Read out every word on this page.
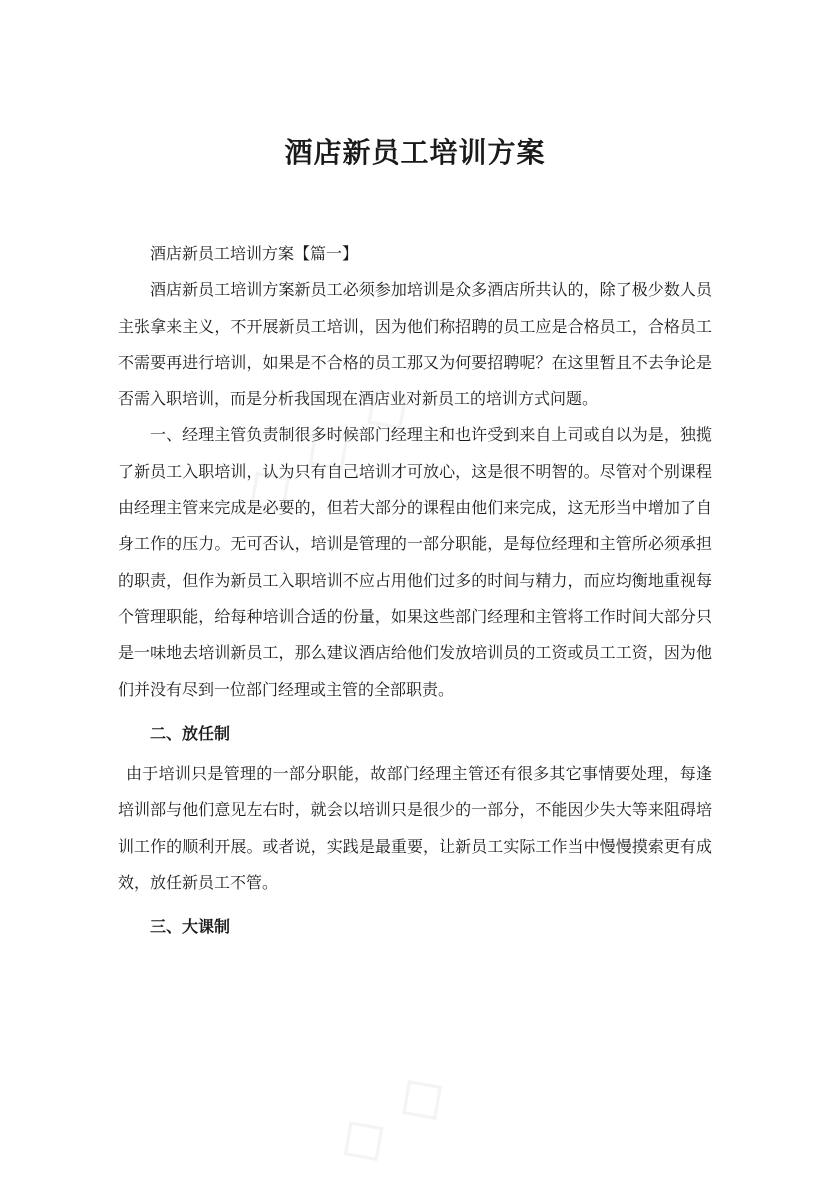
酒店新员工培训方案

酒店新员工培训方案【篇一】

酒店新员工培训方案新员工必须参加培训是众多酒店所共认的，除了极少数人员主张拿来主义，不开展新员工培训，因为他们称招聘的员工应是合格员工，合格员工不需要再进行培训，如果是不合格的员工那又为何要招聘呢？在这里暂且不去争论是否需入职培训，而是分析我国现在酒店业对新员工的培训方式问题。

一、经理主管负责制很多时候部门经理主和也许受到来自上司或自以为是，独揽了新员工入职培训，认为只有自己培训才可放心，这是很不明智的。尽管对个别课程由经理主管来完成是必要的，但若大部分的课程由他们来完成，这无形当中增加了自身工作的压力。无可否认，培训是管理的一部分职能，是每位经理和主管所必须承担的职责，但作为新员工入职培训不应占用他们过多的时间与精力，而应均衡地重视每个管理职能，给每种培训合适的份量，如果这些部门经理和主管将工作时间大部分只是一味地去培训新员工，那么建议酒店给他们发放培训员的工资或员工工资，因为他们并没有尽到一位部门经理或主管的全部职责。

二、放任制

由于培训只是管理的一部分职能，故部门经理主管还有很多其它事情要处理，每逢培训部与他们意见左右时，就会以培训只是很少的一部分，不能因少失大等来阻碍培训工作的顺利开展。或者说，实践是最重要，让新员工实际工作当中慢慢摸索更有成效，放任新员工不管。

三、大课制
